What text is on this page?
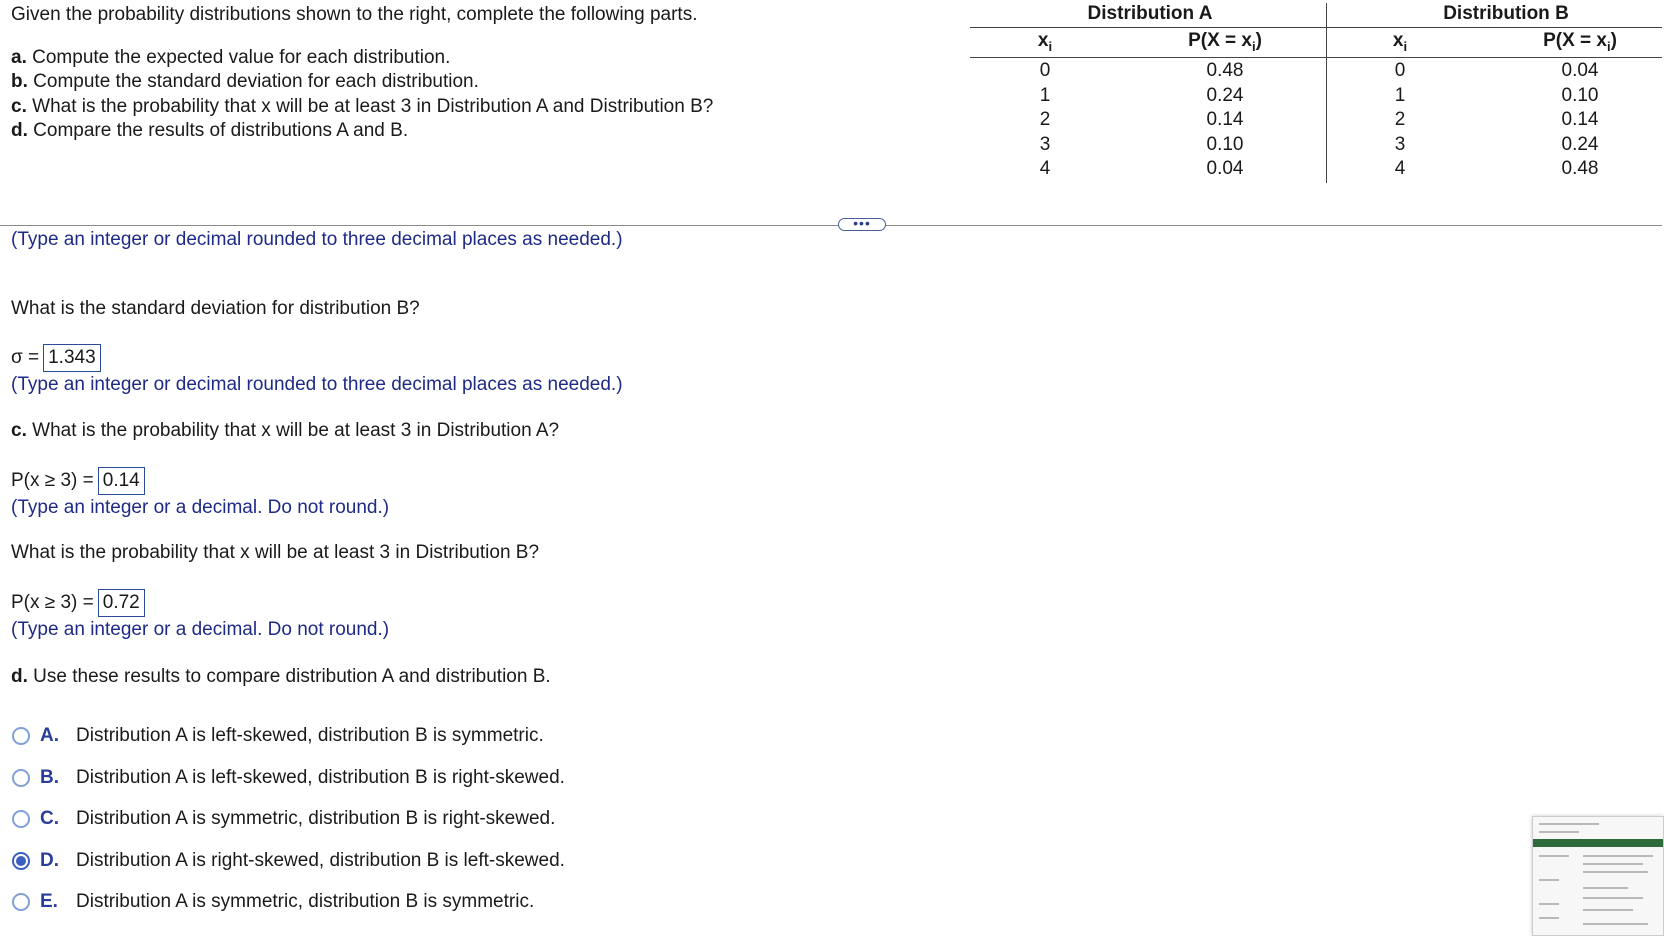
Given the probability distributions shown to the right, complete the following parts.
a. Compute the expected value for each distribution.
b. Compute the standard deviation for each distribution.
c. What is the probability that x will be at least 3 in Distribution A and Distribution B?
d. Compare the results of distributions A and B.
Distribution A
$x_i$	$P(X = x_i)$
0
1
2
3
4
0.48
0.24
0.14
0.10
0.04
Distribution B
$x_i$	$P(X = x_i)$
0
1
2
3
4
0.04
0.10
0.14
0.24
0.48
•••
(Type an integer or decimal rounded to three decimal places as needed.)
What is the standard deviation for distribution B?
σ = 1.343
(Type an integer or decimal rounded to three decimal places as needed.)
c. What is the probability that x will be at least 3 in Distribution A?
P(x ≥ 3) = 0.14
(Type an integer or a decimal. Do not round.)
What is the probability that x will be at least 3 in Distribution B?
P(x ≥ 3) = 0.72
(Type an integer or a decimal. Do not round.)
d. Use these results to compare distribution A and distribution B.
A. Distribution A is left-skewed, distribution B is symmetric.
B. Distribution A is left-skewed, distribution B is right-skewed.
C. Distribution A is symmetric, distribution B is right-skewed.
D. Distribution A is right-skewed, distribution B is left-skewed.
E. Distribution A is symmetric, distribution B is symmetric.
